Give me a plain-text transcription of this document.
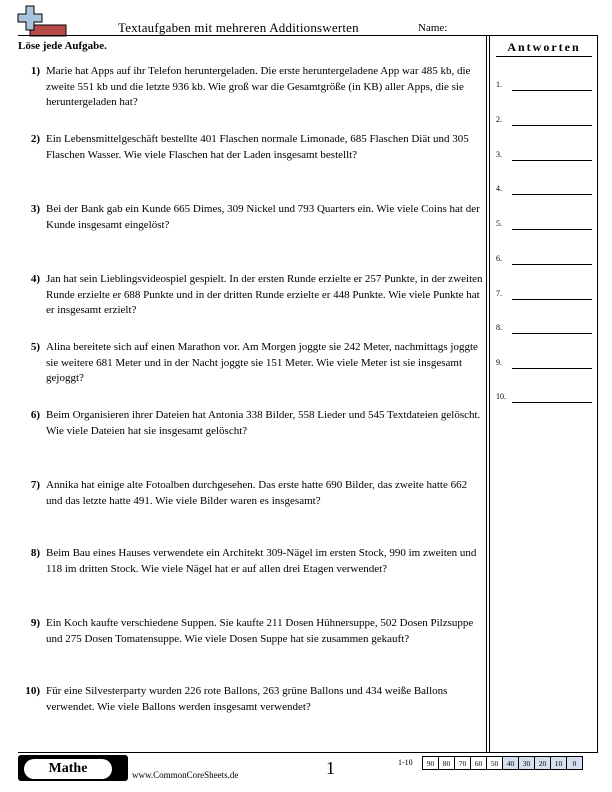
Textaufgaben mit mehreren Additionswerten	Name:
Löse jede Aufgabe.
1) Marie hat Apps auf ihr Telefon heruntergeladen. Die erste heruntergeladene App war 485 kb, die zweite 551 kb und die letzte 936 kb. Wie groß war die Gesamtgröße (in KB) aller Apps, die sie heruntergeladen hat?
2) Ein Lebensmittelgeschäft bestellte 401 Flaschen normale Limonade, 685 Flaschen Diät und 305 Flaschen Wasser. Wie viele Flaschen hat der Laden insgesamt bestellt?
3) Bei der Bank gab ein Kunde 665 Dimes, 309 Nickel und 793 Quarters ein. Wie viele Coins hat der Kunde insgesamt eingelöst?
4) Jan hat sein Lieblingsvideospiel gespielt. In der ersten Runde erzielte er 257 Punkte, in der zweiten Runde erzielte er 688 Punkte und in der dritten Runde erzielte er 448 Punkte. Wie viele Punkte hat er insgesamt erzielt?
5) Alina bereitete sich auf einen Marathon vor. Am Morgen joggte sie 242 Meter, nachmittags joggte sie weitere 681 Meter und in der Nacht joggte sie 151 Meter. Wie viele Meter ist sie insgesamt gejoggt?
6) Beim Organisieren ihrer Dateien hat Antonia 338 Bilder, 558 Lieder und 545 Textdateien gelöscht. Wie viele Dateien hat sie insgesamt gelöscht?
7) Annika hat einige alte Fotoalben durchgesehen. Das erste hatte 690 Bilder, das zweite hatte 662 und das letzte hatte 491. Wie viele Bilder waren es insgesamt?
8) Beim Bau eines Hauses verwendete ein Architekt 309-Nägel im ersten Stock, 990 im zweiten und 118 im dritten Stock. Wie viele Nägel hat er auf allen drei Etagen verwendet?
9) Ein Koch kaufte verschiedene Suppen. Sie kaufte 211 Dosen Hühnersuppe, 502 Dosen Pilzsuppe und 275 Dosen Tomatensuppe. Wie viele Dosen Suppe hat sie zusammen gekauft?
10) Für eine Silvesterparty wurden 226 rote Ballons, 263 grüne Ballons und 434 weiße Ballons verwendet. Wie viele Ballons werden insgesamt verwendet?
Antworten
1.
2.
3.
4.
5.
6.
7.
8.
9.
10.
Mathe	www.CommonCoreSheets.de	1	1-10 90	80	70	60	50	40	30	20	10	0
